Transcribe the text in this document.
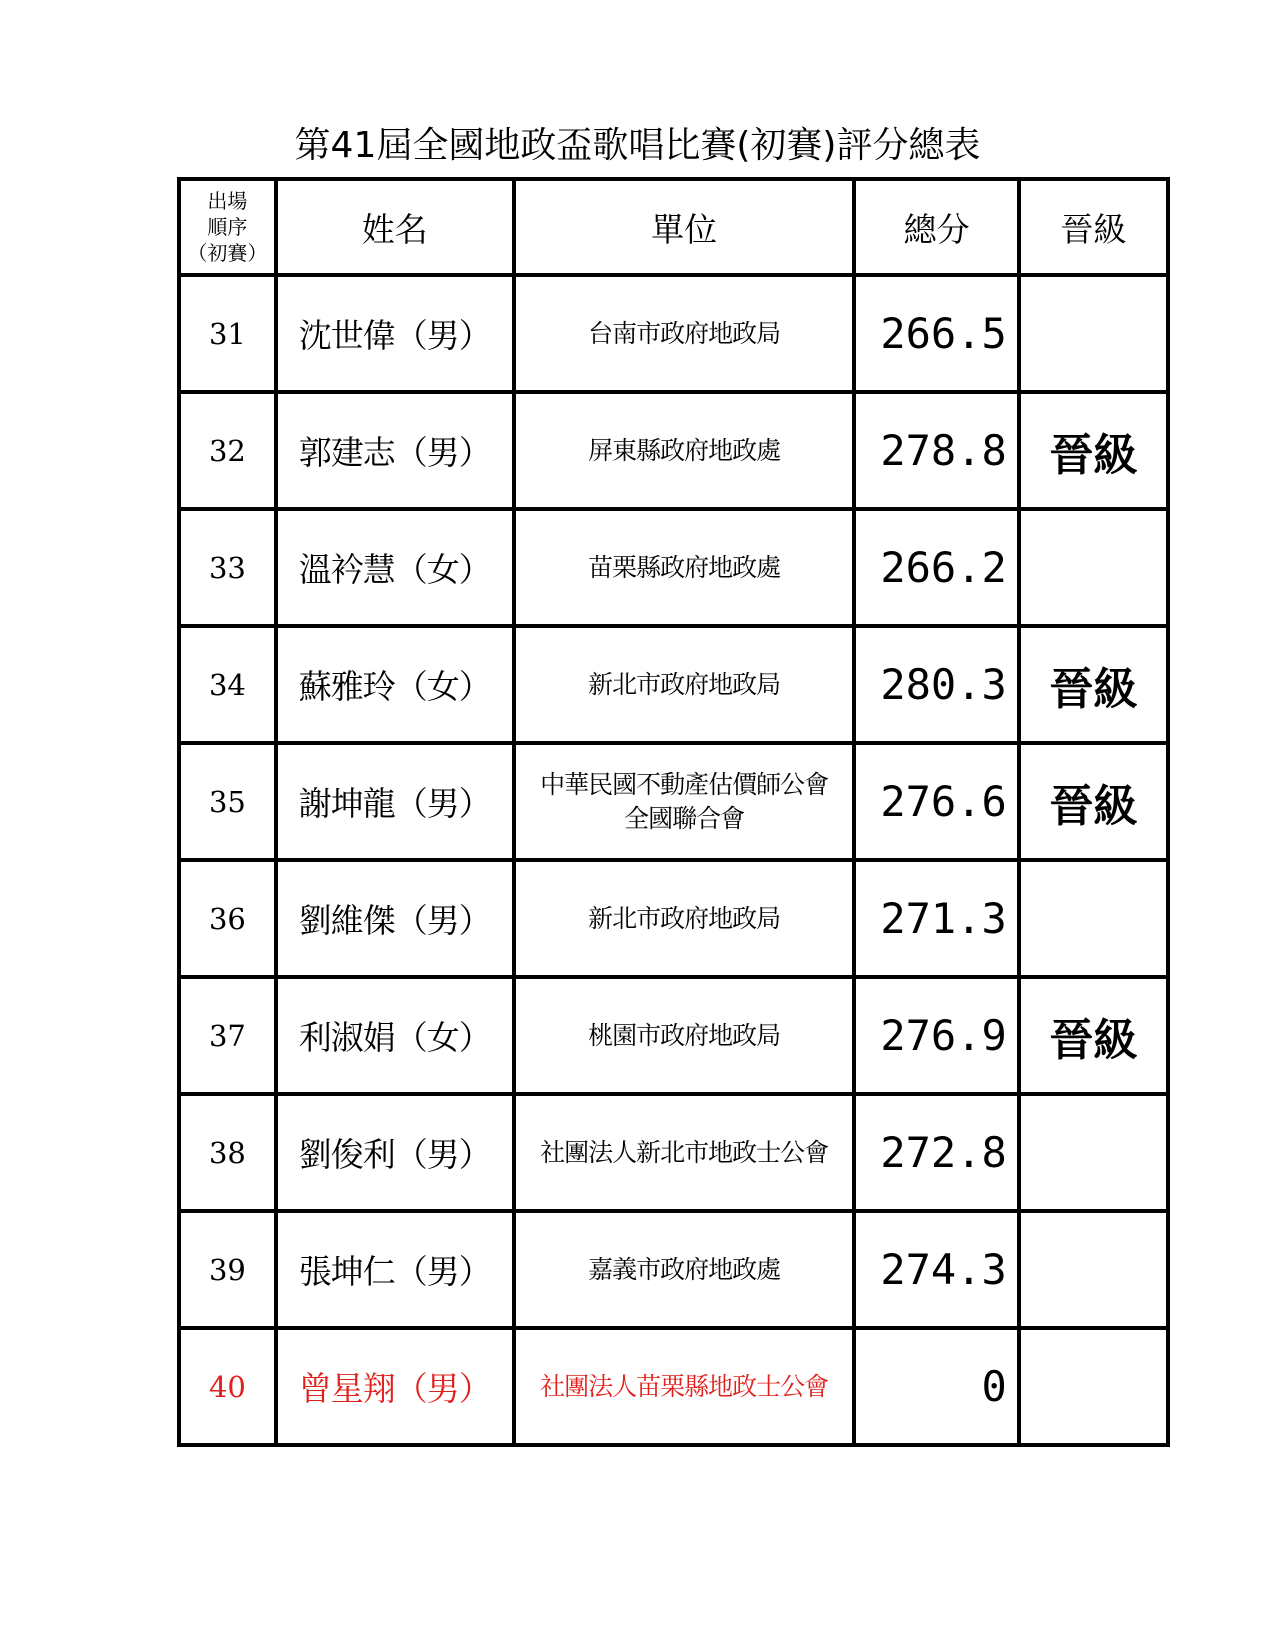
第41屆全國地政盃歌唱比賽(初賽)評分總表
出場
順序
（初賽）	姓名	單位	總分	晉級
31	沈世偉（男）	台南市政府地政局	266.5	
32	郭建志（男）	屏東縣政府地政處	278.8	晉級
33	溫衿慧（女）	苗栗縣政府地政處	266.2	
34	蘇雅玲（女）	新北市政府地政局	280.3	晉級
35	謝坤龍（男）	中華民國不動產估價師公會
全國聯合會	276.6	晉級
36	劉維傑（男）	新北市政府地政局	271.3	
37	利淑娟（女）	桃園市政府地政局	276.9	晉級
38	劉俊利（男）	社團法人新北市地政士公會	272.8	
39	張坤仁（男）	嘉義市政府地政處	274.3	
40	曾星翔（男）	社團法人苗栗縣地政士公會	0	
